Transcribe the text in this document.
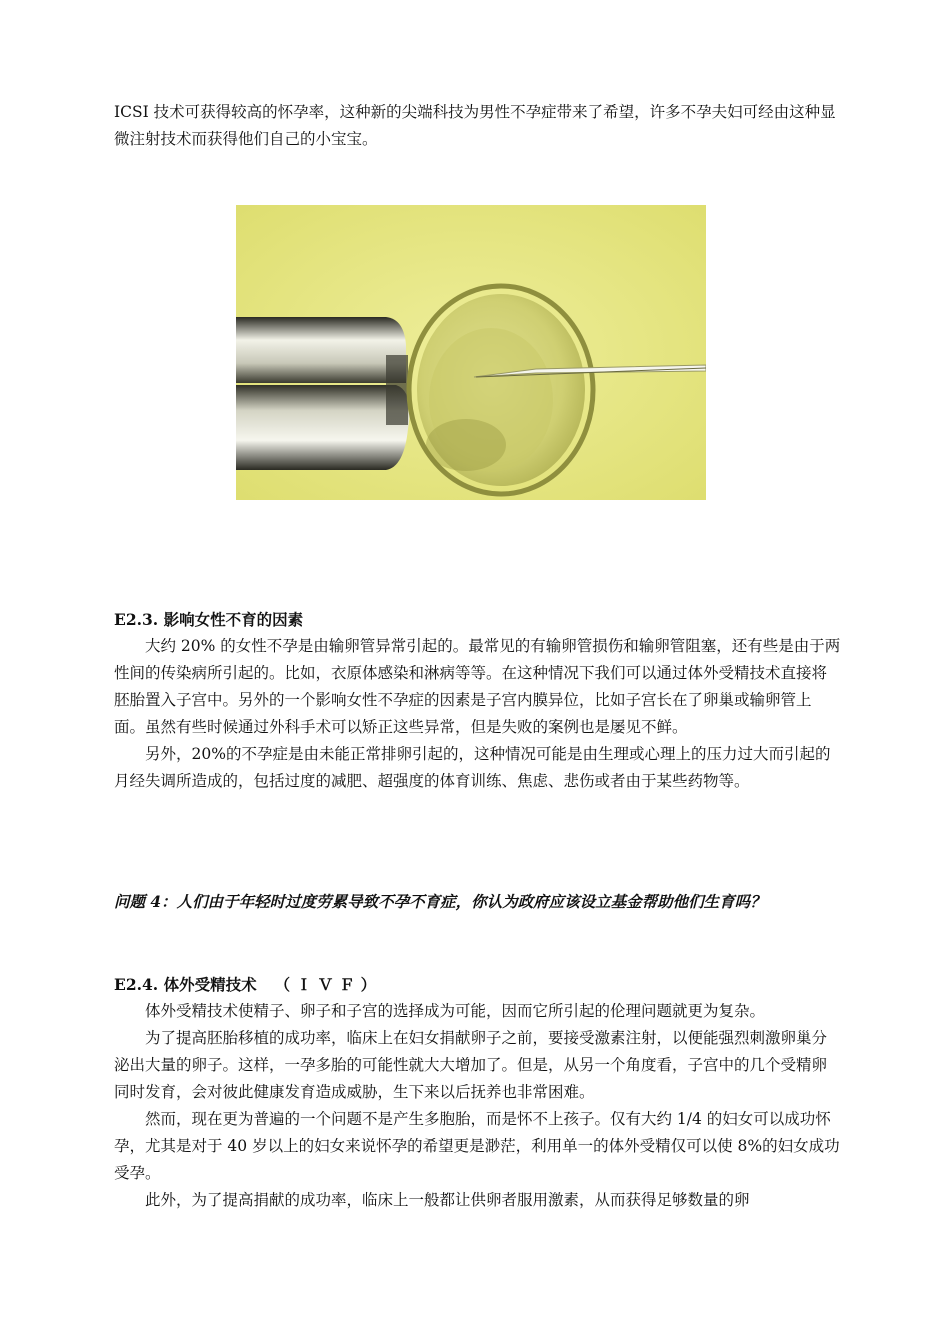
ICSI 技术可获得较高的怀孕率，这种新的尖端科技为男性不孕症带来了希望，许多不孕夫妇可经由这种显微注射技术而获得他们自己的小宝宝。

E2.3. 影响女性不育的因素

大约 20% 的女性不孕是由输卵管异常引起的。最常见的有输卵管损伤和输卵管阻塞，还有些是由于两性间的传染病所引起的。比如，衣原体感染和淋病等等。在这种情况下我们可以通过体外受精技术直接将胚胎置入子宫中。另外的一个影响女性不孕症的因素是子宫内膜异位，比如子宫长在了卵巢或输卵管上面。虽然有些时候通过外科手术可以矫正这些异常，但是失败的案例也是屡见不鲜。

另外，20%的不孕症是由未能正常排卵引起的，这种情况可能是由生理或心理上的压力过大而引起的月经失调所造成的，包括过度的减肥、超强度的体育训练、焦虑、悲伤或者由于某些药物等。

问题 4：人们由于年轻时过度劳累导致不孕不育症，你认为政府应该设立基金帮助他们生育吗？

E2.4. 体外受精技术 （ＩＶＦ）

体外受精技术使精子、卵子和子宫的选择成为可能，因而它所引起的伦理问题就更为复杂。

为了提高胚胎移植的成功率，临床上在妇女捐献卵子之前，要接受激素注射，以便能强烈刺激卵巢分泌出大量的卵子。这样，一孕多胎的可能性就大大增加了。但是，从另一个角度看，子宫中的几个受精卵同时发育，会对彼此健康发育造成威胁，生下来以后抚养也非常困难。

然而，现在更为普遍的一个问题不是产生多胞胎，而是怀不上孩子。仅有大约 1/4 的妇女可以成功怀孕，尤其是对于 40 岁以上的妇女来说怀孕的希望更是渺茫，利用单一的体外受精仅可以使 8%的妇女成功受孕。

此外，为了提高捐献的成功率，临床上一般都让供卵者服用激素，从而获得足够数量的卵
